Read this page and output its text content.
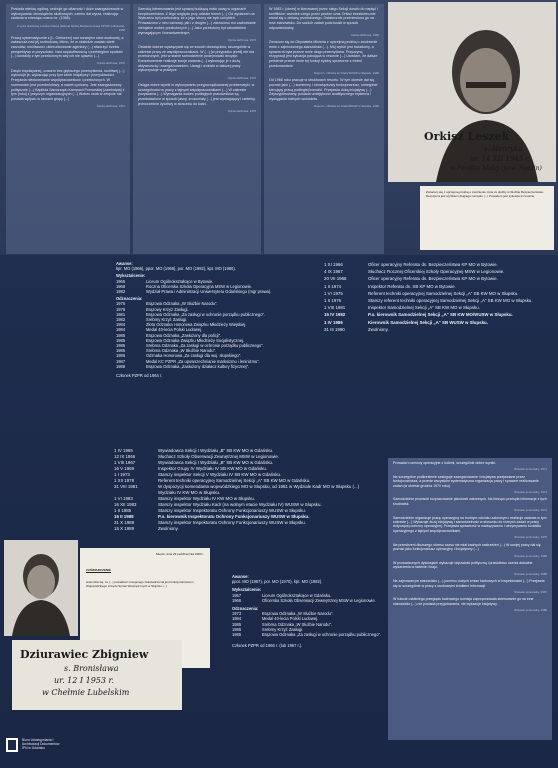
Posiada wiedzę ogólną, cechuje go oftarność i duże zaangażowanie w wykonywaniu obowiązków służbowych, czemu dał wyraz, realizując zadania w miesiącu marcu br. (1968).

Z opinii służbowej Leszka Orzkisa (Referat Służby Bezpieczeństwa KP MO w Bytowie), 1968

Pracuj systematycznie z [L. Orkiszem] nad rozwojem sieci osobowej, a zwłaszcza nad jej rozbudową. Mimo, że w obsłudze zostało wiele zarzutów, możliwości, ukierunkowanie agentury (...) stworzyć trzeba perspektywy w przyszłości. Nad częstotliwością i przebiegiem spotkań (...) kontakty z tym przełożonym aby ich nie ujawnić (...)

Opinia służbowa, 1970

Dzięki impulsywnej, czasem bez głębszego przemyślenia, ruchliwej (...) wykonuje je, wykazując przy tym wiele inicjatywy i pomysłowości. Przejawia niedocenianie współpracowników i przełożonych. W rozmowach jest przedmiotowy, a nawet cyniczny. Jest zaangażowany politycznie (...) Kapituła Samorządu Kampanii Pomorskiej [zamknięta] z tym [roku] z przyczyn organizacyjnych (...) Wobec osób w zespole nie posiada wpływu w ramach grupy (...)

Opinia służbowa, 1971

Szeroką interesowanie jest sprawą budzącą mało uwag w organach bezpieczeństwa. Z tego względu przy udziale trzech (...) Od wydarzeń na Wybrzeżu był przekonany, że z jego strony nie było uchybień. Prowadzono z nim rozmowy, jak i z drugim (...) zarzucono mu zachowanie nielojalne wobec przełożonych (...) Jako przełożony był człowiekiem wymagającym i konsekwentnym.

Opinia służbowa, 1973

Ostatnie dobrze wywiązywał się ze swoich obowiązków, szczególnie w zakresie pracy ze współpracownikami. W (...) [w przypadku jeżeli] nie ma przełożonych, jest w stanie samodzielnie podejmować decyzje. Konsekwentnie realizuje swoje zadania (...) wykonując je z dużą aktywnością i zaangażowaniem. Uwagi i wnioski w dalszej pracy wykorzystuje w praktyce.

Opinia służbowa, 1976

Osiąga dobre wyniki w wykonywaniu przyporządkowanej problematyki, w szczególności w pracy z tajnymi współpracownikami (...) W zakresie pozyskania (...) Wymagania wobec podległych pracowników są przedstawione w sposób jasny, zrozumiały (...) jest wymagający i rzetelny, jednocześnie życzliwy w stosunku do ludzi.

Opinia służbowa, 1979

W 1983 r. [okres] w kierowanej przez niego Sekcji doszło do napięć i konfliktów, wskutek czego przez pewien czas Orkisz bezskutecznie starał się o zmianę przełożonego. Ostatecznie przeniesiono go na inne stanowisko. Do swoich zadań podchodził w sposób odpowiedzialny.

Opinia służbowa, 1983

Zwracam się do Obywatela Ministra z uprzejmą prośbą o zwolnienie mnie z zajmowanego stanowiska (...). Mój wybór jest świadomy, a sprawa ta była przeze mnie długo przemyślana. Przyczyną rezygnacji jest sytuacja panująca w resorcie (...) Uważam, że dalsze pełnienie przeze mnie tej funkcji byłoby sprzeczne z moimi przekonaniami.

Raport L. Orkisza do Szefa WUSW w Słupsku, 1990

Od 1966 roku pracuje w strukturach resortu. W tym okresie dał się poznać jako (...) sumienny i obowiązkowy funkcjonariusz, umiejętnie kierujący pracą podległej komórki. Przejawia dużą inicjatywę (...) Zdyscyplinowany, posiada umiejętność analitycznego myślenia i wyciągania trafnych wniosków.

Raport L. Orkisza do Szefa WUSW w Słupsku, 1990
Orkisz Leszek
s. Henryka
ur. 14 XII 1945 r.
w Porębie Małej (pow. Sędzin)
Zwracam się z uprzejmą prośbą o zwolnienie mnie ze służby w Służbie Bezpieczeństwa. Decyzja ta jest wynikiem długiego namysłu (...) Powodem jest sytuacja w resorcie.
Awanse:
kpr. MO (1966), ppor. MO (1968), por. MO (1982), kpt. MO (1986).
Wykształcenie:
1965	Liceum Ogólnokształcące w Bytowie.
1968	Roczna Oficerska Szkoła Operacyjna MSW w Legionowie.
1982	Wydział Prawa i Administracji Uniwersytetu Gdańskiego (mgr prawa).
Odznaczenia:
1976	Brązowa Odznaka „W Służbie Narodu".
1978	Brązowy Krzyż Zasługi.
1981	Brązowa Odznaka „Za zasługi w ochronie porządku publicznego".
1982	Srebrny Krzyż Zasługi.
1984	Złota Odznaka Honorowa Związku Młodzieży Wiejskiej.
1984	Medal 40-lecia Polski Ludowej.
1985	Brązowa Odznaka „Zasłużony dla policji".
1985	Brązowa Odznaka Związku Młodzieży Socjalistycznej.
1985	Srebrna Odznaka „Za zasługi w ochronie porządku publicznego".
1986	Srebrna Odznaka „W Służbie Narodu".
1986	Odznaka Honorowa „Za zasługi dla woj. słupskiego".
1987	Medal KC PZPR „Za upowszechnianie marksizmu i leninizmu".
1988	Brązowa Odznaka „Zasłużony działacz kultury fizycznej".
Członek PZPR od 1964 r.
1 XI 1966	Oficer operacyjny Referatu ds. Bezpieczeństwa KP MO w Bytowie.
4 IX 1967	Słuchacz Rocznej Oficerskiej Szkoły Operacyjnej MSW w Legionowie.
20 VII 1968	Oficer operacyjny Referatu ds. Bezpieczeństwa KP MO w Bytowie.
1 II 1974	Inspektor Referatu ds. SB KP MO w Bytowie.
1 VI 1975	Referent techniki operacyjnej Samodzielnej Sekcji „A" SB KW MO w Słupsku.
1 II 1976	Starszy referent techniki operacyjnej Samodzielnej Sekcji „A" SB KW MO w Słupsku.
1 VIII 1981	Inspektor Samodzielnej Sekcji „A" SB KW MO w Słupsku.
15 IV 1982	P.o. kierownik Samodzielnej Sekcji „A" SB KW MO/WUSW w Słupsku.
1 IV 1986	Kierownik Samodzielnej Sekcji „A" SB WUSW w Słupsku.
31 III 1990	Zwolniony.
1 IV 1965	Wywiadowca Sekcji I Wydziału „B" SB KW MO w Gdańsku.
12 IX 1966	Słuchacz Szkoły Obserwacji Zewnętrznej MSW w Legionowie.
1 VIII 1967	Wywiadowca Sekcji I Wydziału „B" SB KW MO w Gdańsku.
16 V 1969	Inspektor Grupy IV Wydziału IV SB KW MO w Gdańsku.
1 I 1973	Starszy inspektor Sekcji V Wydziału IV SB KW MO w Gdańsku.
1 XII 1978	Referent techniki operacyjnej Samodzielnej Sekcji „A" SB KW MO w Gdańsku.
31 VIII 1981	W dyspozycji komendanta wojewódzkiego MO w Słupsku, od 1981 w Wydziale Kadr MO w Słupsku (...)
Wydziału IV KW MO w Słupsku.
1 VI 1983	Starszy inspektor Wydziału IV KW MO w Słupsku.
16 XII 1983	Starszy inspektor Wydziału Kadr (na wolnym etacie Wydziału IV) WUSW w Słupsku.
1 II 1985	Starszy inspektor Inspektoratu Ochrony Funkcjonariuszy WUSW w Słupsku.
15 II 1988	P.o. kierownik Inspektoratu Ochrony Funkcjonariuszy WUSW w Słupsku.
31 X 1988	Starszy inspektor Inspektoratu Ochrony Funkcjonariuszy WUSW w Słupsku.
15 X 1989	Zwolniony.
Słupsk, dnia 29 października 1980 r.
ZAŚWIADCZENIE
stwierdza się, że (...) posiadacz niniejszego zaświadczenia jest funkcjonariuszem Wojewódzkiego Urzędu Spraw Wewnętrznych w Słupsku (...)
Dziurawiec Zbigniew
s. Bronisława
ur. 12 I 1953 r.
w Chełmie Lubelskim
Awanse:
ppor. MO (1967), por. MO (1970), kpt. MO (1982).
Wykształcenie:
1957	Liceum Ogólnokształcące w Gdańsku.
1966	Oficerska Szkoła Obserwacji Zewnętrznej MSW w Legionowie.
Odznaczenia:
1973	Brązowa Odznaka „W Służbie Narodu".
1984	Medal 40-lecia Polski Ludowej.
1985	Srebrna Odznaka „W Służbie Narodu".
1985	Srebrny Krzyż Zasługi.
1985	Brązowa Odznaka „Za zasługi w ochronie porządku publicznego".
Członek PZPR od 1966 r. (lub 1967 r.).

Prowadzi rozmowy operacyjne z ludźmi, szczególnie dobre wyniki.

Wniosek personalny, 1971

Na szczególne podkreślenie zasługuje zaangażowanie i inicjatywa przejawiane przez funkcjonariusza, a przede wszystkim systematyczna organizacja pracy i sprawne realizowanie zadań (w okresie grudnia 1970 roku).

Wniosek personalny, 1971

Samodzielnie prowadzi rozpracowanie placówek zakonnych. Na bieżąco przesyła informacje z tych środowisk.

Wniosek personalny, 1974

Samodzielnie organizuje pracę operacyjną na trudnym odcinku zakonnym i realizuje zadania w tym zakresie (...) Wykazuje dużą inicjatywę i samodzielność w stosunku do różnych zadań w pracy dotyczącej ochrony operacyjnej. Przejawia sprawność w nawiązywaniu i utrzymywaniu kontaktu operacyjnego z tajnymi współpracownikami.

Wniosek personalny, 1976

Na przestrzeni dłuższego okresu czasu nie miał żadnych zastrzeżeń (...) W swojej pracy dał się poznać jako funkcjonariusz operacyjny i inicjatywny (...)

Wniosek personalny, 1983

W prowadzonych dyskusjach wykazuje dojrzałość polityczną i prawidłowo ocenia aktualne wydarzenia w świecie i kraju.

Wniosek personalny, 1985

Na zajmowanym stanowisku (...) pomimo dużych zmian kadrowych w Inspektoracie (...) Przejawia się to szczególnie w pracy z osobowymi źródłami informacji.

Wniosek personalny, 1987

W trakcie ostatniego przeglądu kadrowego komisja zaproponowała skierowanie go na inne stanowisko (...) nie posiada przygotowania, nie wykazuje inicjatywy.

Wniosek personalny, 1989
Biuro Udostępniania i
Archiwizacji Dokumentów
IPN w Gdańsku
